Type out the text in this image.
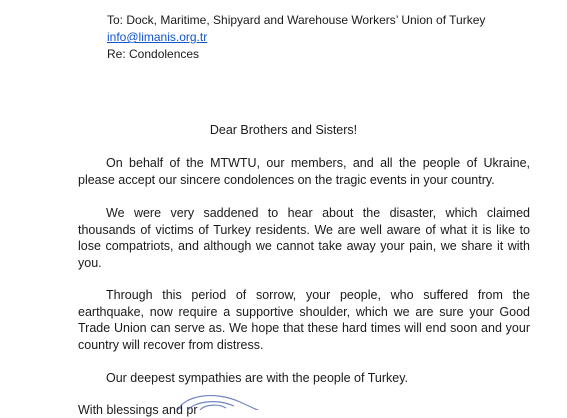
To: Dock, Maritime, Shipyard and Warehouse Workers’ Union of Turkey
info@limanis.org.tr
Re: Condolences
Dear Brothers and Sisters!
On behalf of the MTWTU, our members, and all the people of Ukraine, please accept our sincere condolences on the tragic events in your country.
We were very saddened to hear about the disaster, which claimed thousands of victims of Turkey residents. We are well aware of what it is like to lose compatriots, and although we cannot take away your pain, we share it with you.
Through this period of sorrow, your people, who suffered from the earthquake, now require a supportive shoulder, which we are sure your Good Trade Union can serve as. We hope that these hard times will end soon and your country will recover from distress.
Our deepest sympathies are with the people of Turkey.
With blessings and pr
